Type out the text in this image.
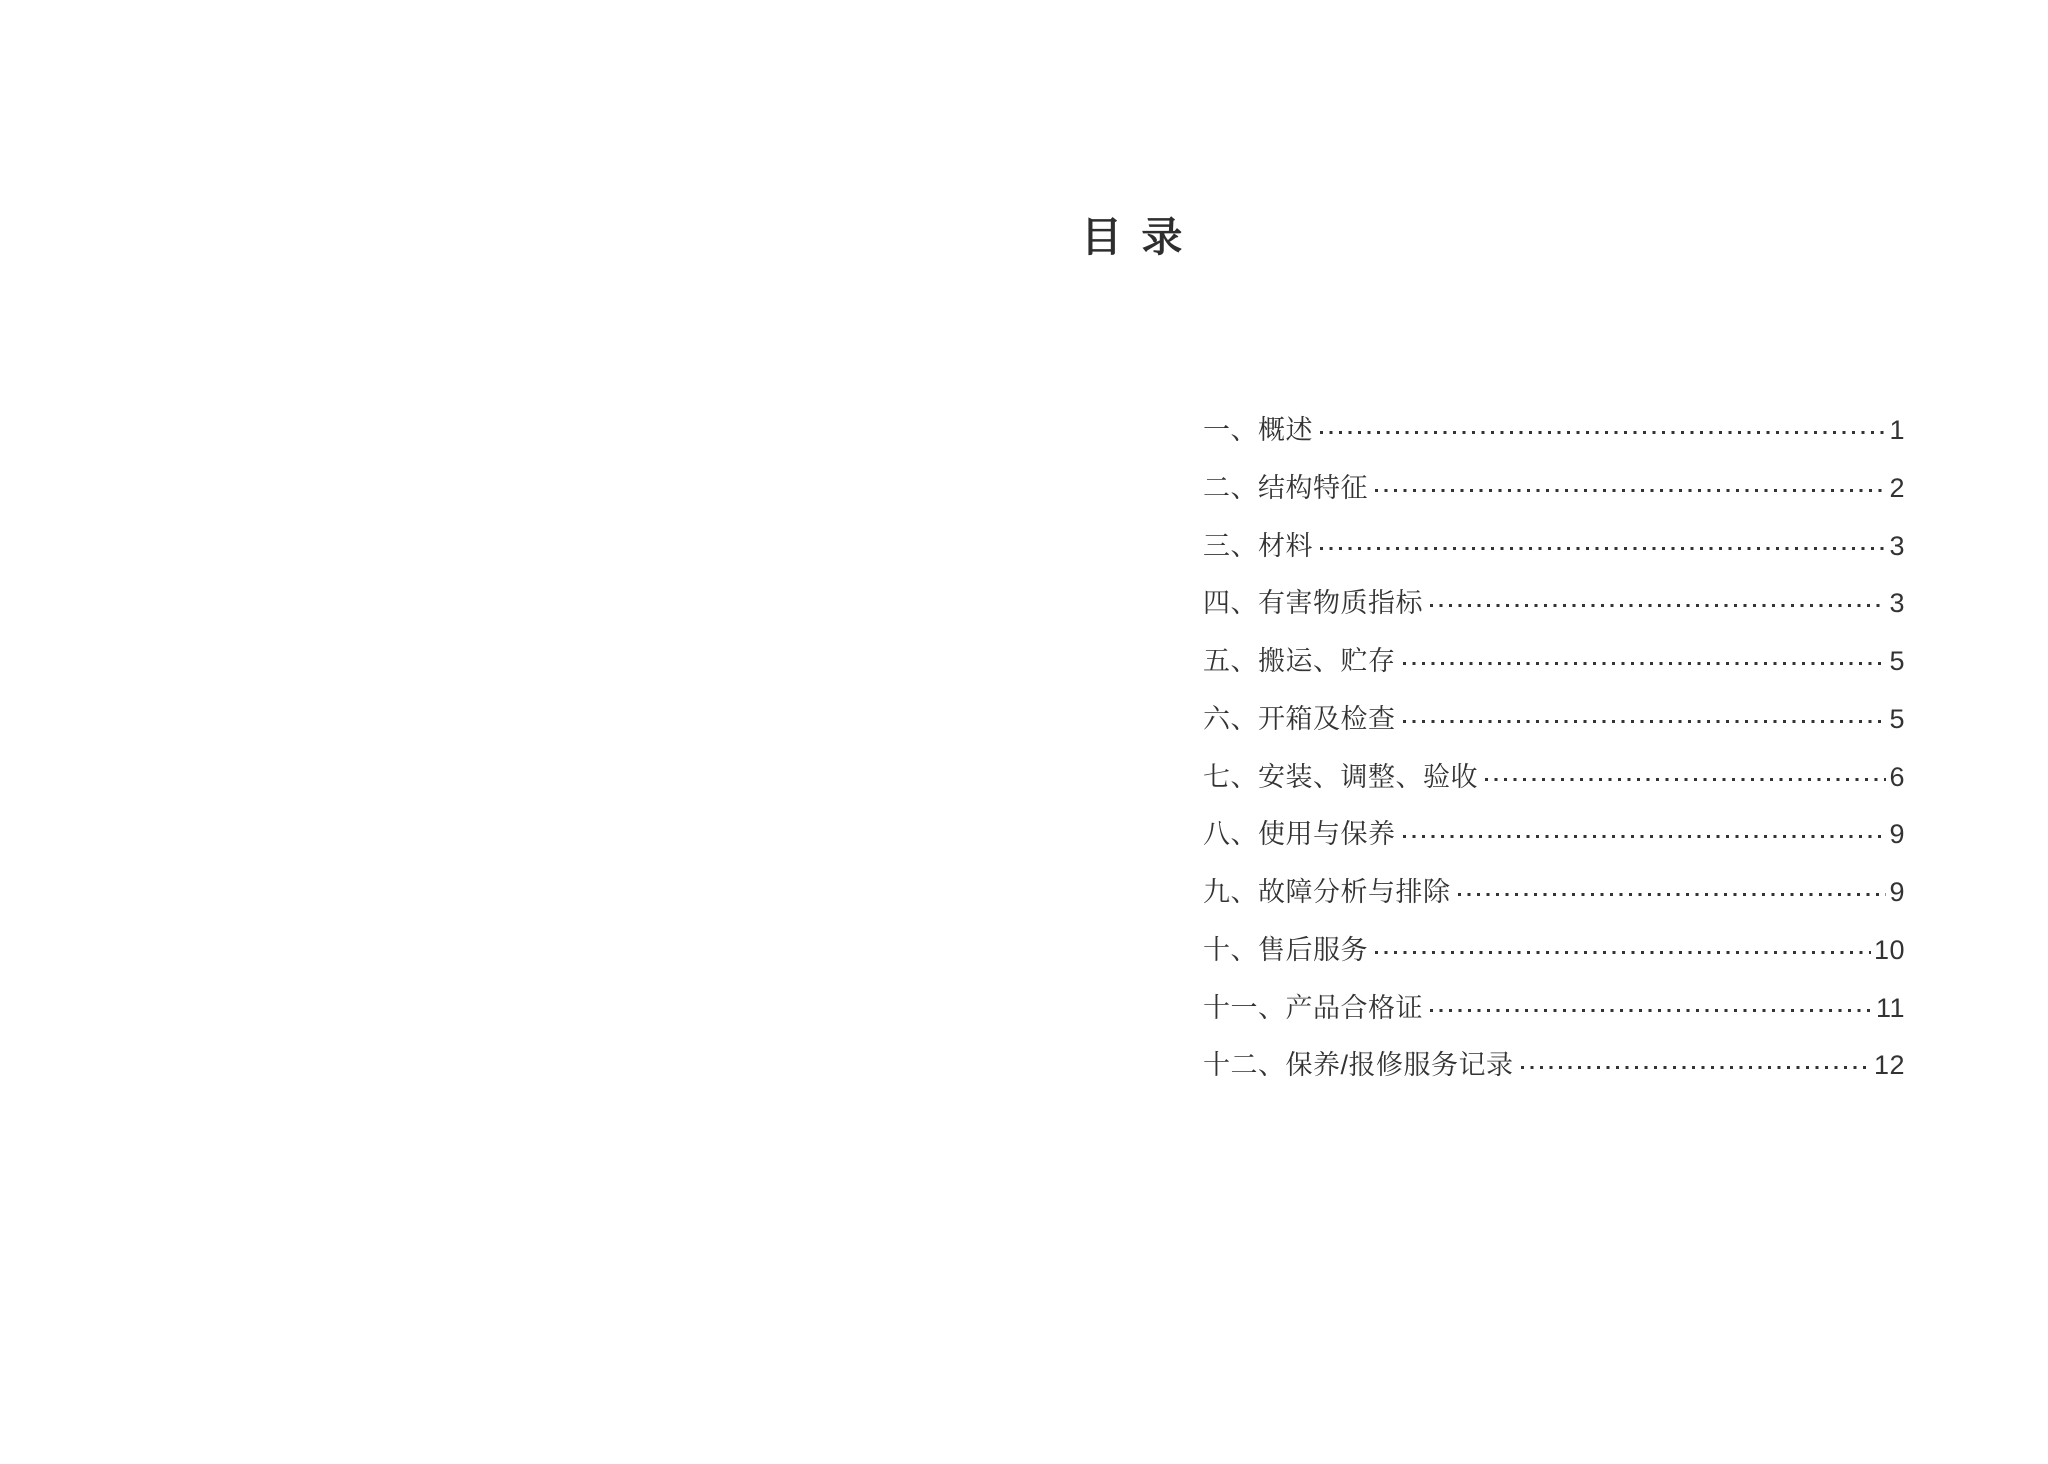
目 录
一、概述	1
二、结构特征	2
三、材料	3
四、有害物质指标	3
五、搬运、贮存	5
六、开箱及检查	5
七、安装、调整、验收	6
八、使用与保养	9
九、故障分析与排除	9
十、售后服务	10
十一、产品合格证	11
十二、保养/报修服务记录	12
